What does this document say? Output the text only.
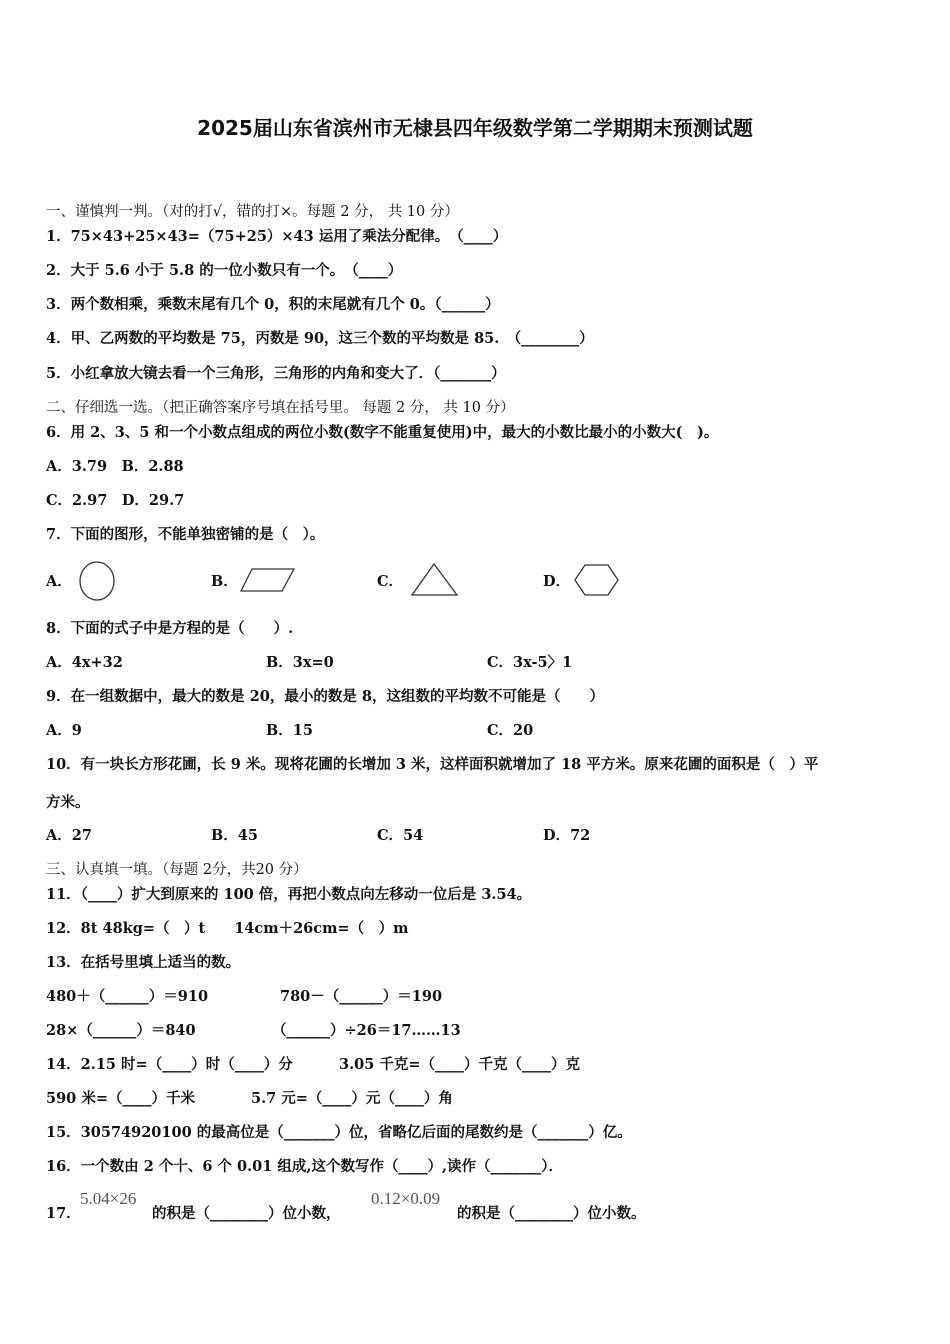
2025届山东省滨州市无棣县四年级数学第二学期期末预测试题
一、谨慎判一判。（对的打√，错的打×。每题 2 分， 共 10 分）
1．75×43+25×43=（75+25）×43 运用了乘法分配律。　（____）
2．大于 5.6 小于 5.8 的一位小数只有一个。　（____）
3．两个数相乘，乘数末尾有几个 0，积的末尾就有几个 0。（______）
4．甲、乙两数的平均数是 75，丙数是 90，这三个数的平均数是 85.　（________）
5．小红拿放大镜去看一个三角形，三角形的内角和变大了．（_______）
二、仔细选一选。（把正确答案序号填在括号里。 每题 2 分， 共 10 分）
6．用 2、3、5 和一个小数点组成的两位小数(数字不能重复使用)中，最大的小数比最小的小数大(　)。
A．3.79　B．2.88
C．2.97　D．29.7
7．下面的图形，不能单独密铺的是（　）。
A．	B．	C．	D．
8．下面的式子中是方程的是（　　）.
A．4x+32	B．3x=0	C．3x-5〉1
9．在一组数据中，最大的数是 20，最小的数是 8，这组数的平均数不可能是（　　）
A．9	B．15	C．20
10．有一块长方形花圃，长 9 米。现将花圃的长增加 3 米，这样面积就增加了 18 平方米。原来花圃的面积是（　）平
方米。
A．27	B．45	C．54	D．72
三、认真填一填。（每题 2分，共20 分）
11．（____）扩大到原来的 100 倍，再把小数点向左移动一位后是 3.54。
12．8t 48kg=（　）t　　14cm＋26cm=（　）m
13．在括号里填上适当的数。
480＋（______）＝910	780－（______）＝190
28×（______）＝840	（______）÷26＝17……13
14．2.15 时=（____）时（____）分	3.05 千克=（____）千克（____）克
590 米=（____）千米	5.7 元=（____）元（____）角
15．30574920100 的最高位是（_______）位，省略亿后面的尾数约是（_______）亿。
16．一个数由 2 个十、6 个 0.01 组成,这个数写作（____）,读作（_______）．
17．
5.04×26
的积是（________）位小数，
0.12×0.09
的积是（________）位小数。
